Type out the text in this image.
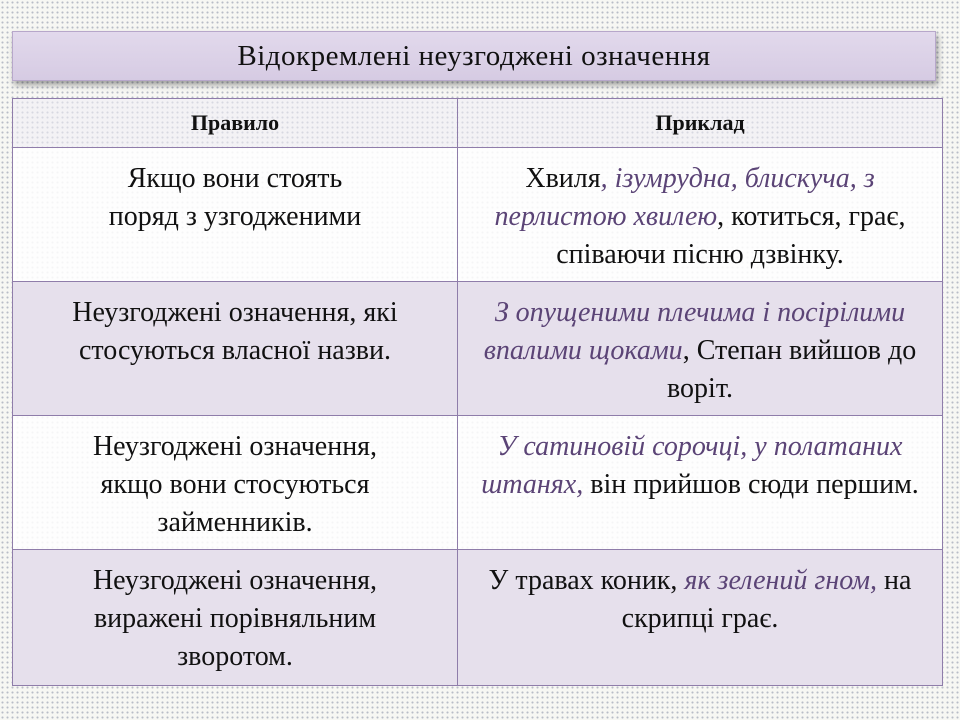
Відокремлені неузгоджені означення
Правило	Приклад
Якщо вони стоять
поряд з узгодженими	Хвиля, ізумрудна, блискуча, з перлистою хвилею, котиться, грає, співаючи пісню дзвінку.
Неузгоджені означення, які
стосуються власної назви.	З опущеними плечима і посірілими впалими щоками, Степан вийшов до воріт.
Неузгоджені означення,
якщо вони стосуються
займенників.	У сатиновій сорочці, у полатаних штанях, він прийшов сюди першим.
Неузгоджені означення,
виражені порівняльним
зворотом.	У травах коник, як зелений гном, на скрипці грає.
